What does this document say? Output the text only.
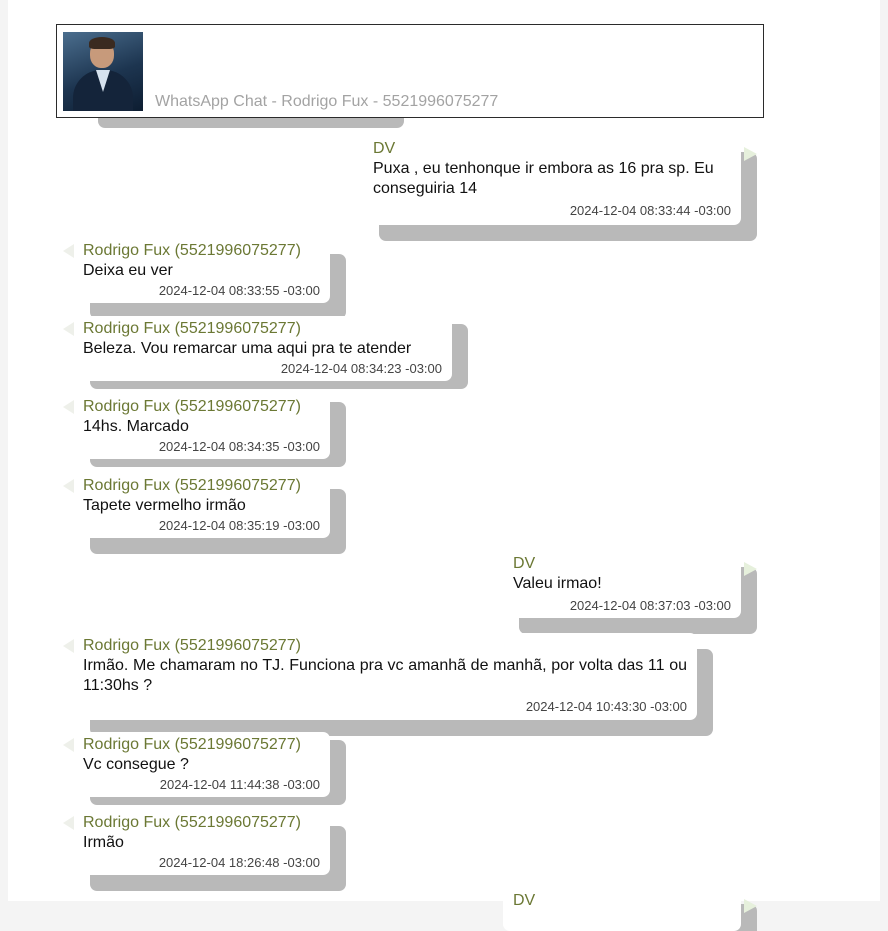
WhatsApp Chat - Rodrigo Fux - 5521996075277
DV
Puxa , eu tenhonque ir embora as 16 pra sp. Eu conseguiria 14
2024-12-04 08:33:44 -03:00
Rodrigo Fux (5521996075277)
Deixa eu ver
2024-12-04 08:33:55 -03:00
Rodrigo Fux (5521996075277)
Beleza. Vou remarcar uma aqui pra te atender
2024-12-04 08:34:23 -03:00
Rodrigo Fux (5521996075277)
14hs. Marcado
2024-12-04 08:34:35 -03:00
Rodrigo Fux (5521996075277)
Tapete vermelho irmão
2024-12-04 08:35:19 -03:00
DV
Valeu irmao!
2024-12-04 08:37:03 -03:00
Rodrigo Fux (5521996075277)
Irmão. Me chamaram no TJ. Funciona pra vc amanhã de manhã, por volta das 11 ou 11:30hs ?
2024-12-04 10:43:30 -03:00
Rodrigo Fux (5521996075277)
Vc consegue ?
2024-12-04 11:44:38 -03:00
Rodrigo Fux (5521996075277)
Irmão
2024-12-04 18:26:48 -03:00
DV
